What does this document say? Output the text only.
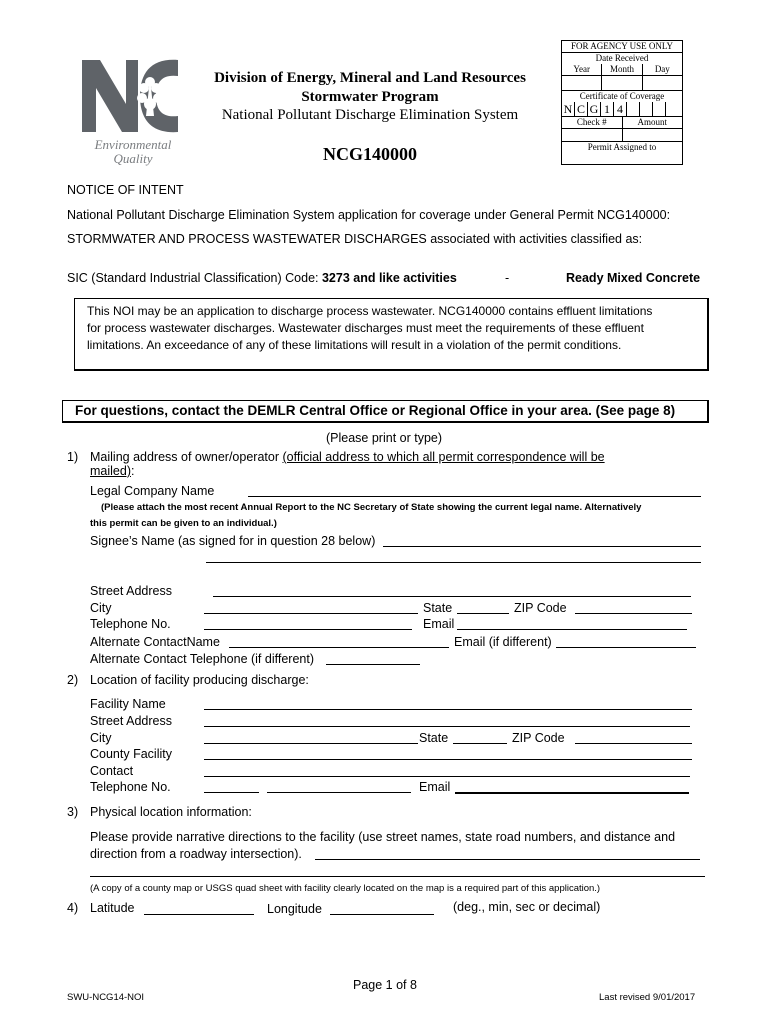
Environmental
Quality
Division of Energy, Mineral and Land Resources
Stormwater Program
National Pollutant Discharge Elimination System
NCG140000
FOR AGENCY USE ONLY
Date Received
Year	Month	Day
Certificate of Coverage
N C G 1 4
Check #	Amount
Permit Assigned to
NOTICE OF INTENT
National Pollutant Discharge Elimination System application for coverage under General Permit NCG140000:
STORMWATER AND PROCESS WASTEWATER DISCHARGES associated with activities classified as:
SIC (Standard Industrial Classification) Code: 3273 and like activities	-	Ready Mixed Concrete
This NOI may be an application to discharge process wastewater. NCG140000 contains effluent limitations
for process wastewater discharges. Wastewater discharges must meet the requirements of these effluent
limitations. An exceedance of any of these limitations will result in a violation of the permit conditions.
For questions, contact the DEMLR Central Office or Regional Office in your area. (See page 8)
(Please print or type)
1) Mailing address of owner/operator (official address to which all permit correspondence will be
mailed):
Legal Company Name
(Please attach the most recent Annual Report to the NC Secretary of State showing the current legal name. Alternatively
this permit can be given to an individual.)
Signee’s Name (as signed for in question 28 below)
Street Address
City	State	ZIP Code
Telephone No.	Email
Alternate ContactName	Email (if different)
Alternate Contact Telephone (if different)
2) Location of facility producing discharge:
Facility Name
Street Address
City	State	ZIP Code
County Facility
Contact
Telephone No.	Email
3) Physical location information:
Please provide narrative directions to the facility (use street names, state road numbers, and distance and
direction from a roadway intersection).
(A copy of a county map or USGS quad sheet with facility clearly located on the map is a required part of this application.)
4) Latitude	Longitude	(deg., min, sec or decimal)
Page 1 of 8
SWU-NCG14-NOI	Last revised 9/01/2017
